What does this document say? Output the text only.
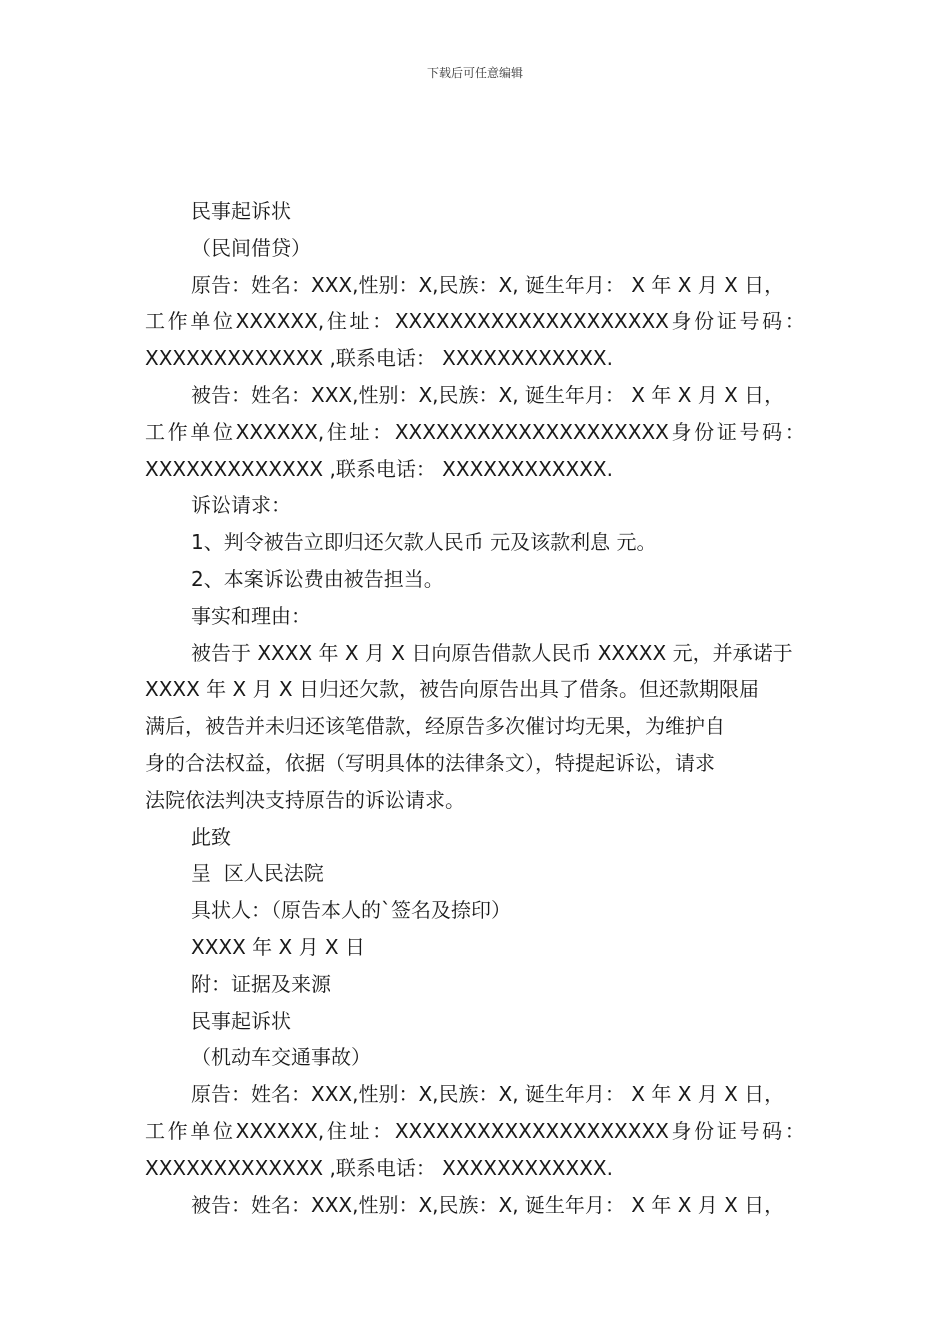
下载后可任意编辑
民事起诉状
（民间借贷）
原告：姓名：XXX,性别：X,民族：X, 诞生年月： X 年 X 月 X 日，
工 作 单 位 XXXXXX, 住 址 ： XXXXXXXXXXXXXXXXXXXX 身 份 证 号 码 ：
XXXXXXXXXXXXX ,联系电话： XXXXXXXXXXXX.
被告：姓名：XXX,性别：X,民族：X, 诞生年月： X 年 X 月 X 日，
工 作 单 位 XXXXXX, 住 址 ： XXXXXXXXXXXXXXXXXXXX 身 份 证 号 码 ：
XXXXXXXXXXXXX ,联系电话： XXXXXXXXXXXX.
诉讼请求：
1、判令被告立即归还欠款人民币 元及该款利息 元。
2、本案诉讼费由被告担当。
事实和理由：
被告于 XXXX 年 X 月 X 日向原告借款人民币 XXXXX 元，并承诺于
XXXX 年 X 月 X 日归还欠款，被告向原告出具了借条。但还款期限届
满后，被告并未归还该笔借款，经原告多次催讨均无果，为维护自
身的合法权益，依据（写明具体的法律条文），特提起诉讼，请求
法院依法判决支持原告的诉讼请求。
此致
呈  区人民法院
具状人：（原告本人的`签名及捺印）
XXXX 年 X 月 X 日
附：证据及来源
民事起诉状
（机动车交通事故）
原告：姓名：XXX,性别：X,民族：X, 诞生年月： X 年 X 月 X 日，
工 作 单 位 XXXXXX, 住 址 ： XXXXXXXXXXXXXXXXXXXX 身 份 证 号 码 ：
XXXXXXXXXXXXX ,联系电话： XXXXXXXXXXXX.
被告：姓名：XXX,性别：X,民族：X, 诞生年月： X 年 X 月 X 日，
